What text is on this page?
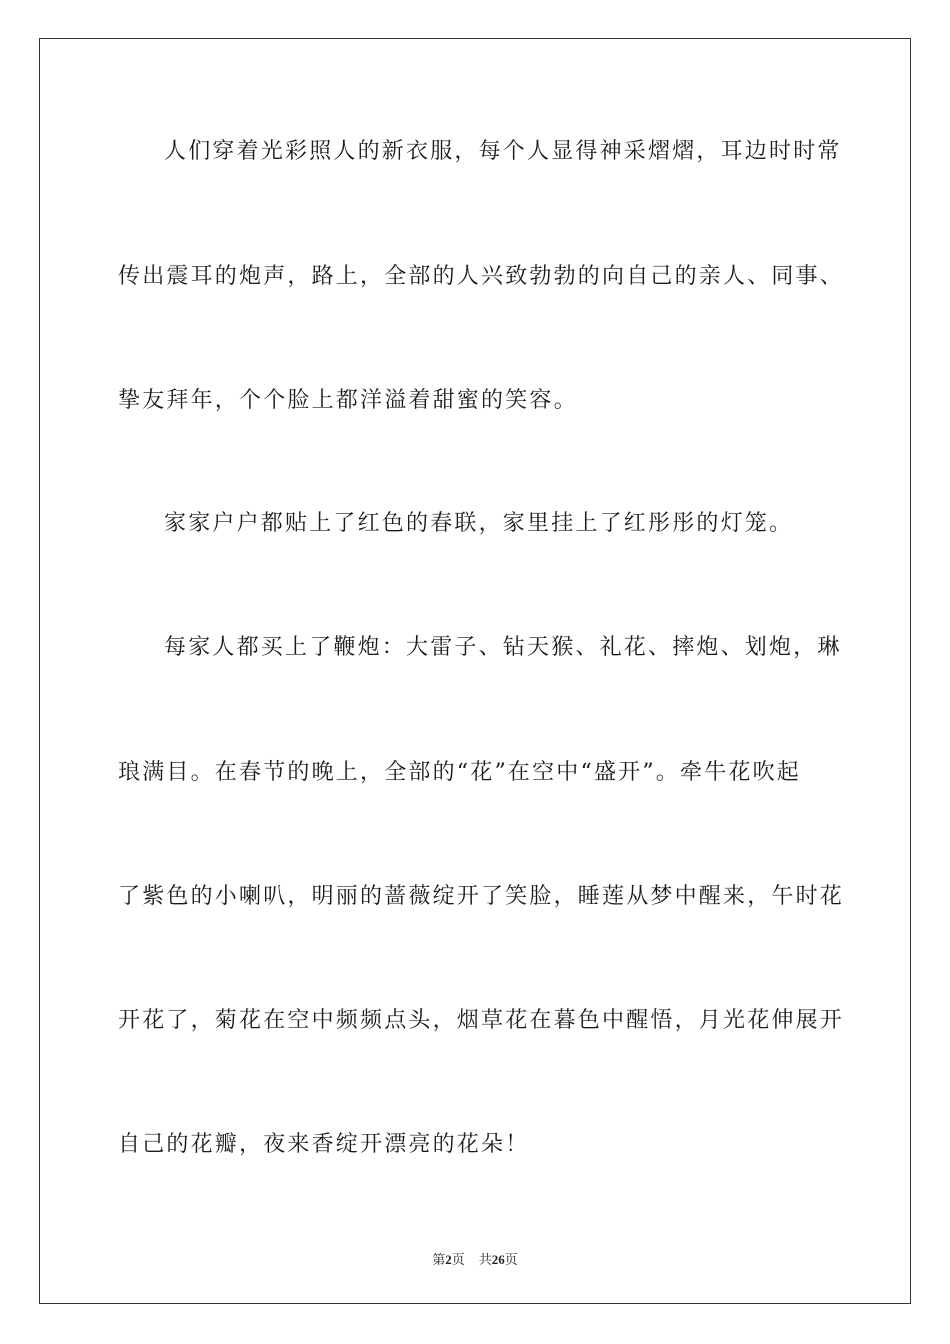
人们穿着光彩照人的新衣服，每个人显得神采熠熠，耳边时时常
传出震耳的炮声，路上，全部的人兴致勃勃的向自己的亲人、同事、
挚友拜年，个个脸上都洋溢着甜蜜的笑容。
家家户户都贴上了红色的春联，家里挂上了红彤彤的灯笼。
每家人都买上了鞭炮：大雷子、钻天猴、礼花、摔炮、划炮，琳
琅满目。在春节的晚上，全部的“花”在空中“盛开”。牵牛花吹起
了紫色的小喇叭，明丽的蔷薇绽开了笑脸，睡莲从梦中醒来，午时花
开花了，菊花在空中频频点头，烟草花在暮色中醒悟，月光花伸展开
自己的花瓣，夜来香绽开漂亮的花朵！
第2页 共26页
